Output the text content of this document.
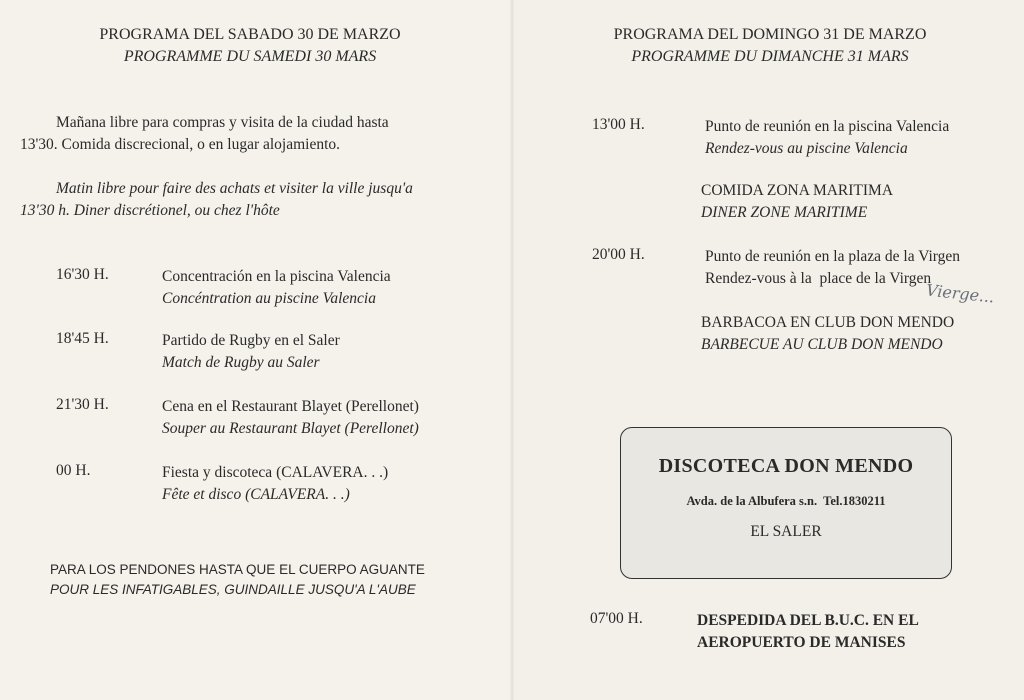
PROGRAMA DEL SABADO 30 DE MARZO
PROGRAMME DU SAMEDI 30 MARS
Mañana libre para compras y visita de la ciudad hasta
13'30. Comida discrecional, o en lugar alojamiento.
Matin libre pour faire des achats et visiter la ville jusqu'a
13'30 h. Diner discrétionel, ou chez l'hôte
16'30 H.	Concentración en la piscina Valencia
Concéntration au piscine Valencia
18'45 H.	Partido de Rugby en el Saler
Match de Rugby au Saler
21'30 H.	Cena en el Restaurant Blayet (Perellonet)
Souper au Restaurant Blayet (Perellonet)
00 H.	Fiesta y discoteca (CALAVERA. . .)
Fête et disco (CALAVERA. . .)
PARA LOS PENDONES HASTA QUE EL CUERPO AGUANTE
POUR LES INFATIGABLES, GUINDAILLE JUSQU'A L'AUBE
PROGRAMA DEL DOMINGO 31 DE MARZO
PROGRAMME DU DIMANCHE 31 MARS
13'00 H.	Punto de reunión en la piscina Valencia
Rendez-vous au piscine Valencia
COMIDA ZONA MARITIMA
DINER ZONE MARITIME
20'00 H.	Punto de reunión en la plaza de la Virgen
Rendez-vous à la  place de la Virgen
Vierge...
BARBACOA EN CLUB DON MENDO
BARBECUE AU CLUB DON MENDO
DISCOTECA DON MENDO
Avda. de la Albufera s.n.  Tel.1830211
EL SALER
07'00 H.	DESPEDIDA DEL B.U.C. EN EL
AEROPUERTO DE MANISES
